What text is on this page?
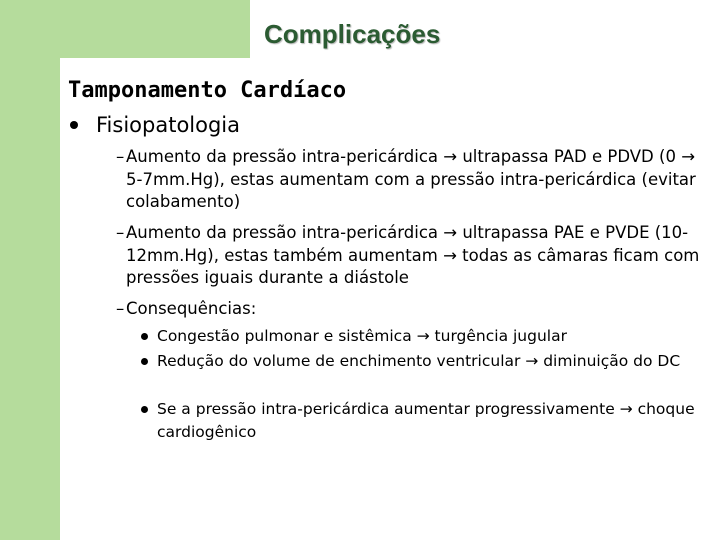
Complicações
Tamponamento Cardíaco
Fisiopatologia
– Aumento da pressão intra-pericárdica → ultrapassa PAD e PDVD (0 → 5-7mm.Hg), estas aumentam com a pressão intra-pericárdica (evitar colabamento)
– Aumento da pressão intra-pericárdica → ultrapassa PAE e PVDE (10-12mm.Hg), estas também aumentam → todas as câmaras ficam com pressões iguais durante a diástole
– Consequências:
Congestão pulmonar e sistêmica → turgência jugular
Redução do volume de enchimento ventricular → diminuição do DC
Se a pressão intra-pericárdica aumentar progressivamente → choque cardiogênico
